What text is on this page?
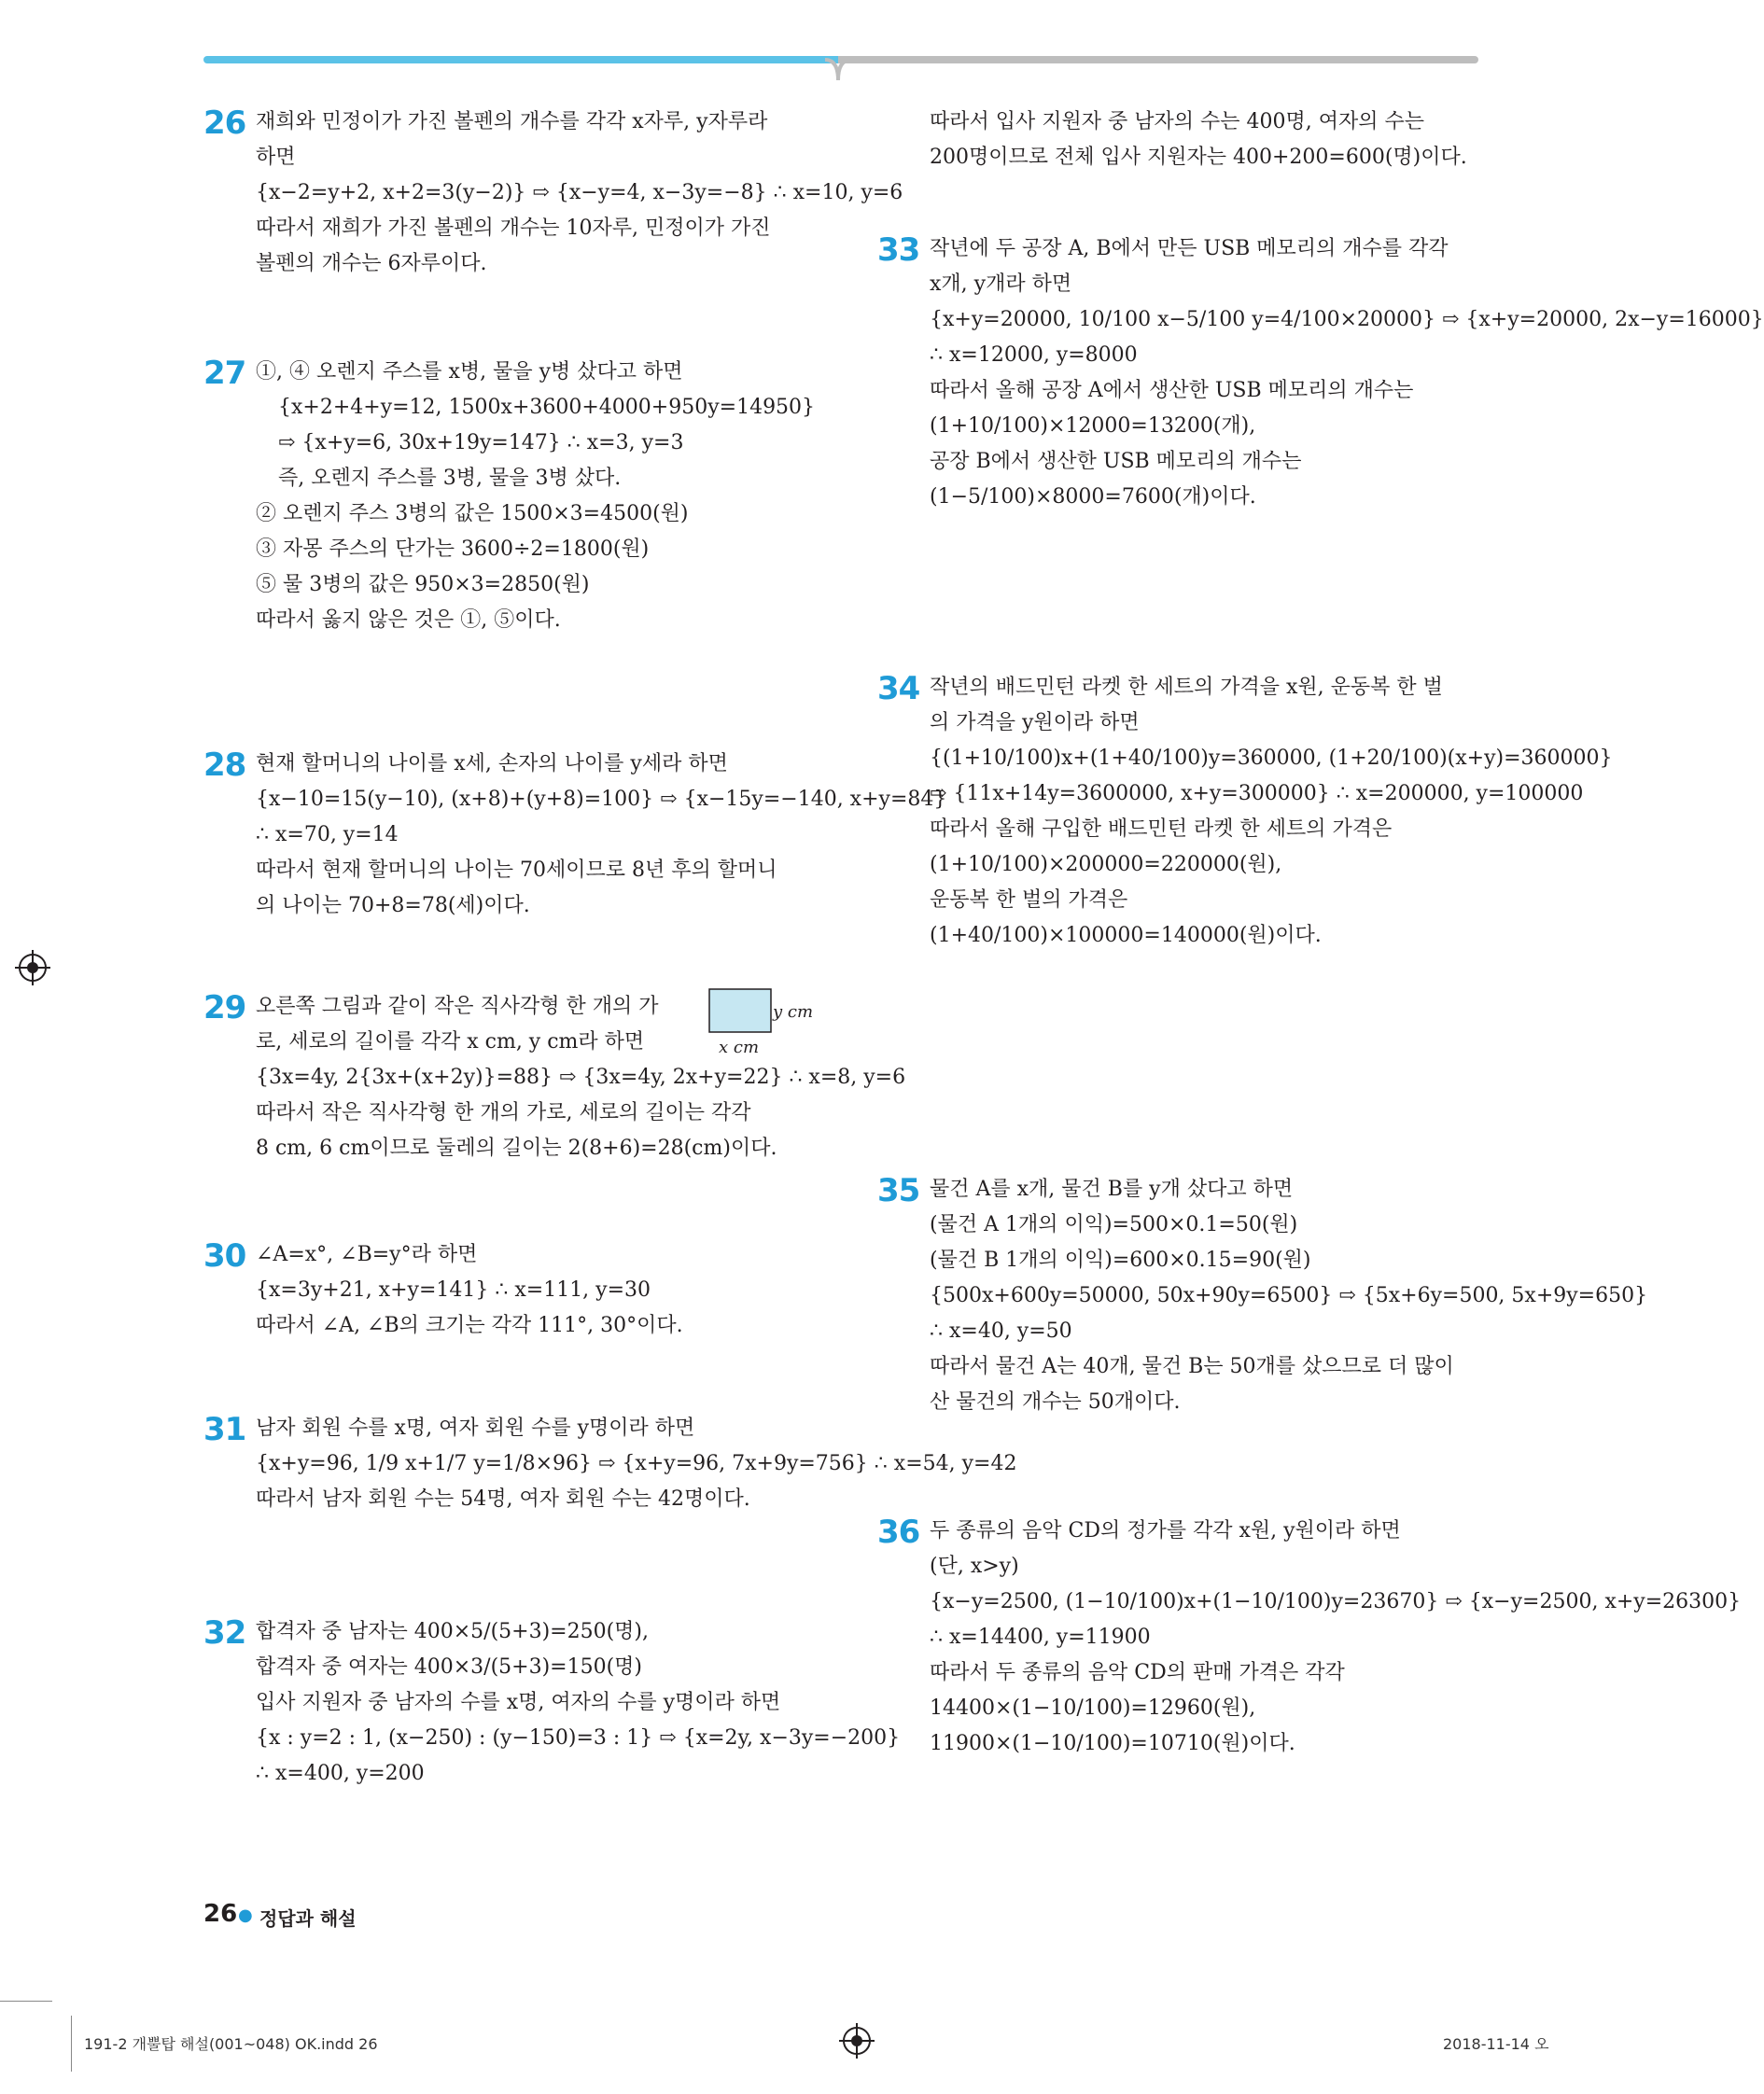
26 재희와 민정이가 가진 볼펜의 개수를 각각 x자루, y자루라
하면
{x−2=y+2, x+2=3(y−2)} ⇨ {x−y=4, x−3y=−8} ∴ x=10, y=6
따라서 재희가 가진 볼펜의 개수는 10자루, 민정이가 가진
볼펜의 개수는 6자루이다.
27 ①, ④ 오렌지 주스를 x병, 물을 y병 샀다고 하면
{x+2+4+y=12, 1500x+3600+4000+950y=14950}
⇨ {x+y=6, 30x+19y=147} ∴ x=3, y=3
즉, 오렌지 주스를 3병, 물을 3병 샀다.
② 오렌지 주스 3병의 값은 1500×3=4500(원)
③ 자몽 주스의 단가는 3600÷2=1800(원)
⑤ 물 3병의 값은 950×3=2850(원)
따라서 옳지 않은 것은 ①, ⑤이다.
28 현재 할머니의 나이를 x세, 손자의 나이를 y세라 하면
{x−10=15(y−10), (x+8)+(y+8)=100} ⇨ {x−15y=−140, x+y=84}
∴ x=70, y=14
따라서 현재 할머니의 나이는 70세이므로 8년 후의 할머니
의 나이는 70+8=78(세)이다.
29 오른쪽 그림과 같이 작은 직사각형 한 개의 가
로, 세로의 길이를 각각 x cm, y cm라 하면
{3x=4y, 2{3x+(x+2y)}=88} ⇨ {3x=4y, 2x+y=22} ∴ x=8, y=6
따라서 작은 직사각형 한 개의 가로, 세로의 길이는 각각
8 cm, 6 cm이므로 둘레의 길이는 2(8+6)=28(cm)이다.
y cm
x cm
30 ∠A=x°, ∠B=y°라 하면
{x=3y+21, x+y=141} ∴ x=111, y=30
따라서 ∠A, ∠B의 크기는 각각 111°, 30°이다.
31 남자 회원 수를 x명, 여자 회원 수를 y명이라 하면
{x+y=96, 1/9 x+1/7 y=1/8×96} ⇨ {x+y=96, 7x+9y=756} ∴ x=54, y=42
따라서 남자 회원 수는 54명, 여자 회원 수는 42명이다.
32 합격자 중 남자는 400×5/(5+3)=250(명),
합격자 중 여자는 400×3/(5+3)=150(명)
입사 지원자 중 남자의 수를 x명, 여자의 수를 y명이라 하면
{x : y=2 : 1, (x−250) : (y−150)=3 : 1} ⇨ {x=2y, x−3y=−200}
∴ x=400, y=200
따라서 입사 지원자 중 남자의 수는 400명, 여자의 수는
200명이므로 전체 입사 지원자는 400+200=600(명)이다.
33 작년에 두 공장 A, B에서 만든 USB 메모리의 개수를 각각
x개, y개라 하면
{x+y=20000, 10/100 x−5/100 y=4/100×20000} ⇨ {x+y=20000, 2x−y=16000}
∴ x=12000, y=8000
따라서 올해 공장 A에서 생산한 USB 메모리의 개수는
(1+10/100)×12000=13200(개),
공장 B에서 생산한 USB 메모리의 개수는
(1−5/100)×8000=7600(개)이다.
34 작년의 배드민턴 라켓 한 세트의 가격을 x원, 운동복 한 벌
의 가격을 y원이라 하면
{(1+10/100)x+(1+40/100)y=360000, (1+20/100)(x+y)=360000}
⇨ {11x+14y=3600000, x+y=300000} ∴ x=200000, y=100000
따라서 올해 구입한 배드민턴 라켓 한 세트의 가격은
(1+10/100)×200000=220000(원),
운동복 한 벌의 가격은
(1+40/100)×100000=140000(원)이다.
35 물건 A를 x개, 물건 B를 y개 샀다고 하면
(물건 A 1개의 이익)=500×0.1=50(원)
(물건 B 1개의 이익)=600×0.15=90(원)
{500x+600y=50000, 50x+90y=6500} ⇨ {5x+6y=500, 5x+9y=650}
∴ x=40, y=50
따라서 물건 A는 40개, 물건 B는 50개를 샀으므로 더 많이
산 물건의 개수는 50개이다.
36 두 종류의 음악 CD의 정가를 각각 x원, y원이라 하면
(단, x>y)
{x−y=2500, (1−10/100)x+(1−10/100)y=23670} ⇨ {x−y=2500, x+y=26300}
∴ x=14400, y=11900
따라서 두 종류의 음악 CD의 판매 가격은 각각
14400×(1−10/100)=12960(원),
11900×(1−10/100)=10710(원)이다.
26 ● 정답과 해설
191-2 개뿔탑 해설(001~048) OK.indd 26	2018-11-14 오
